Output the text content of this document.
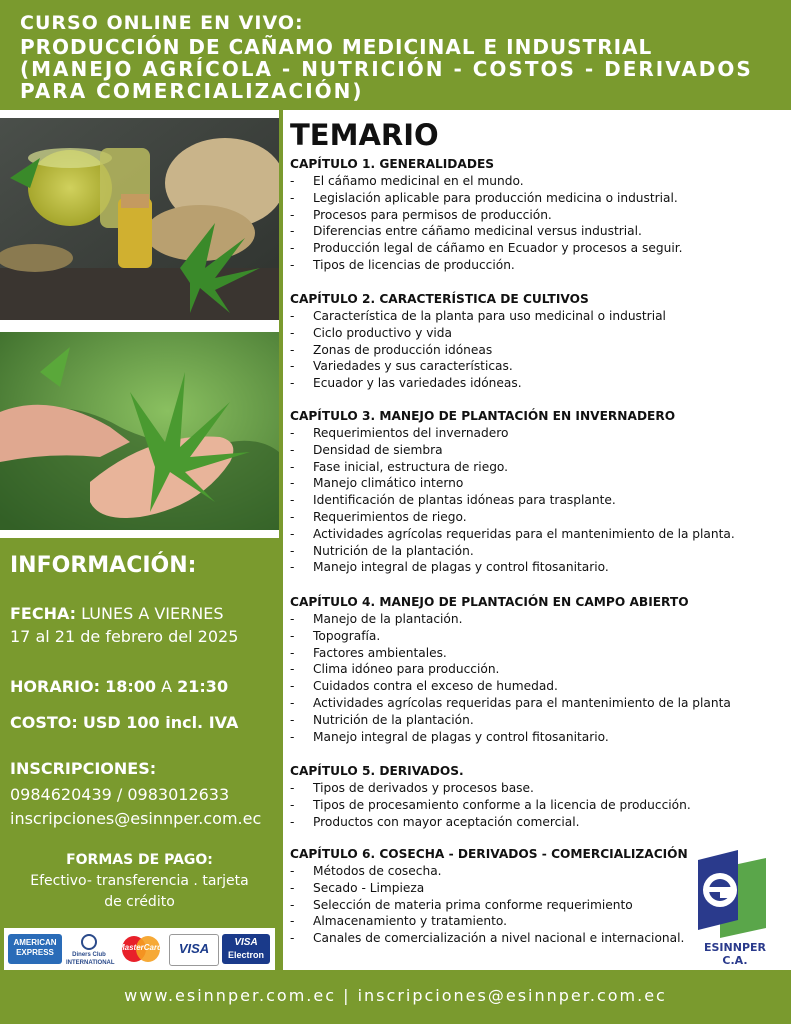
CURSO ONLINE EN VIVO:
PRODUCCIÓN DE CAÑAMO MEDICINAL E INDUSTRIAL
(MANEJO AGRÍCOLA - NUTRICIÓN - COSTOS - DERIVADOS
PARA COMERCIALIZACIÓN)
INFORMACIÓN:
FECHA: LUNES A VIERNES
17 al 21 de febrero del 2025
HORARIO: 18:00 A 21:30
COSTO: USD 100 incl. IVA
INSCRIPCIONES:
0984620439 / 0983012633
inscripciones@esinnper.com.ec
FORMAS DE PAGO:
Efectivo- transferencia . tarjeta
de crédito
AMERICAN EXPRESS	Diners Club INTERNATIONAL
MasterCard	VISA	VISA
Electron
TEMARIO
CAPÍTULO 1. GENERALIDADES
- El cáñamo medicinal en el mundo.
- Legislación aplicable para producción medicina o industrial.
- Procesos para permisos de producción.
- Diferencias entre cáñamo medicinal versus industrial.
- Producción legal de cáñamo en Ecuador y procesos a seguir.
- Tipos de licencias de producción.
CAPÍTULO 2. CARACTERÍSTICA DE CULTIVOS
- Característica de la planta para uso medicinal o industrial
- Ciclo productivo y vida
- Zonas de producción idóneas
- Variedades y sus características.
- Ecuador y las variedades idóneas.
CAPÍTULO 3. MANEJO DE PLANTACIÓN EN INVERNADERO
- Requerimientos del invernadero
- Densidad de siembra
- Fase inicial, estructura de riego.
- Manejo climático interno
- Identificación de plantas idóneas para trasplante.
- Requerimientos de riego.
- Actividades agrícolas requeridas para el mantenimiento de la planta.
- Nutrición de la plantación.
- Manejo integral de plagas y control fitosanitario.
CAPÍTULO 4. MANEJO DE PLANTACIÓN EN CAMPO ABIERTO
- Manejo de la plantación.
- Topografía.
- Factores ambientales.
- Clima idóneo para producción.
- Cuidados contra el exceso de humedad.
- Actividades agrícolas requeridas para el mantenimiento de la planta
- Nutrición de la plantación.
- Manejo integral de plagas y control fitosanitario.
CAPÍTULO 5. DERIVADOS.
- Tipos de derivados y procesos base.
- Tipos de procesamiento conforme a la licencia de producción.
- Productos con mayor aceptación comercial.
CAPÍTULO 6. COSECHA - DERIVADOS - COMERCIALIZACIÓN
- Métodos de cosecha.
- Secado - Limpieza
- Selección de materia prima conforme requerimiento
- Almacenamiento y tratamiento.
- Canales de comercialización a nivel nacional e internacional.
ESINNPER C.A.
www.esinnper.com.ec | inscripciones@esinnper.com.ec
